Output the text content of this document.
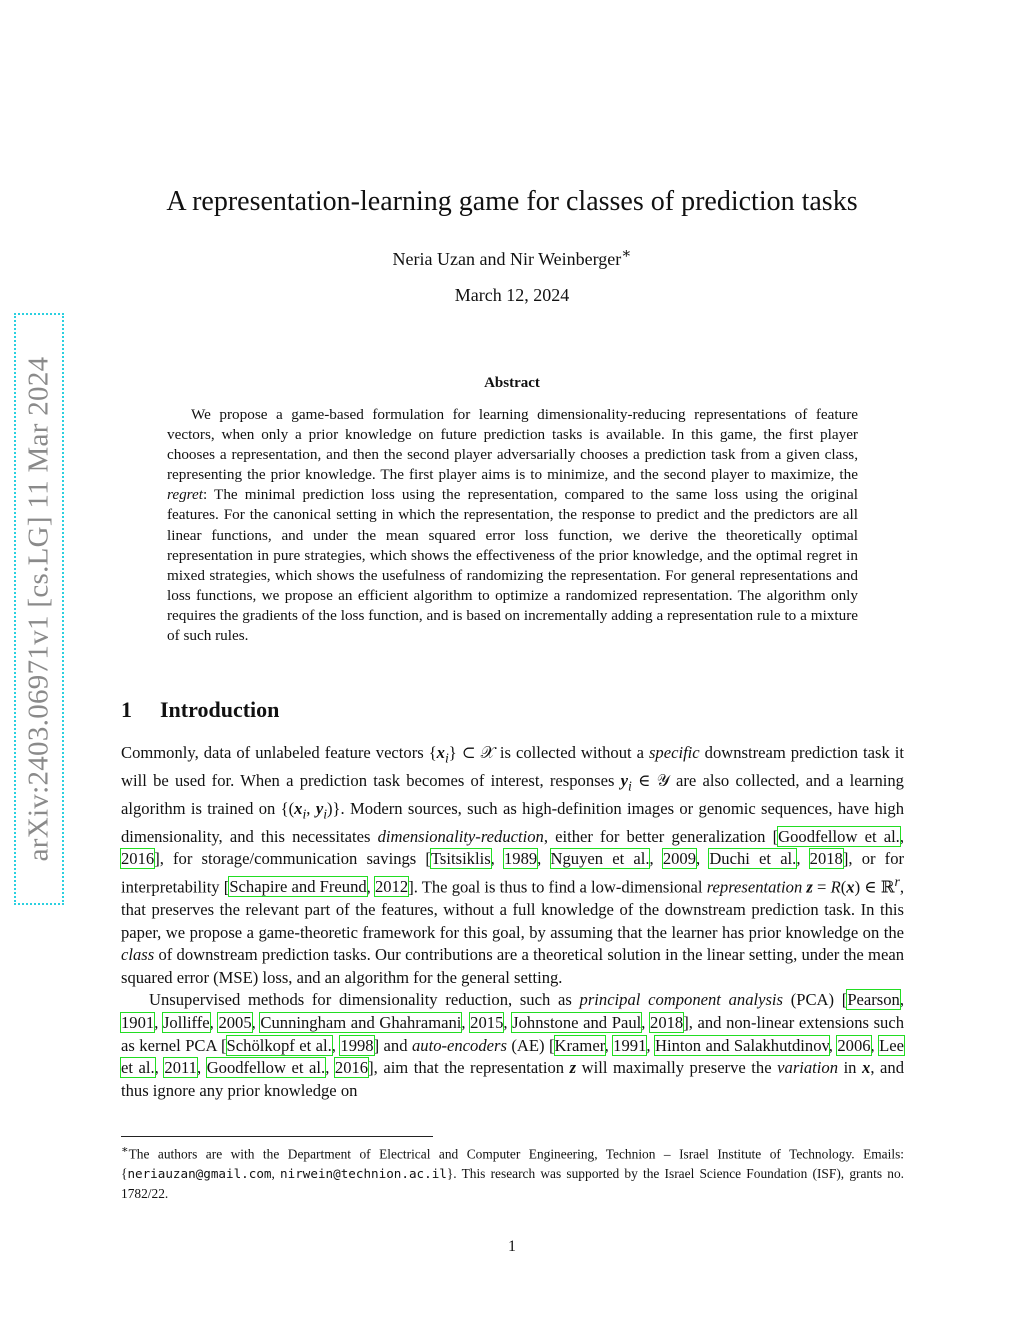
arXiv:2403.06971v1 [cs.LG] 11 Mar 2024
A representation-learning game for classes of prediction tasks
Neria Uzan and Nir Weinberger∗
March 12, 2024
Abstract
We propose a game-based formulation for learning dimensionality-reducing representations of feature vectors, when only a prior knowledge on future prediction tasks is available. In this game, the first player chooses a representation, and then the second player adversarially chooses a prediction task from a given class, representing the prior knowledge. The first player aims is to minimize, and the second player to maximize, the regret: The minimal prediction loss using the representation, compared to the same loss using the original features. For the canonical setting in which the representation, the response to predict and the predictors are all linear functions, and under the mean squared error loss function, we derive the theoretically optimal representation in pure strategies, which shows the effectiveness of the prior knowledge, and the optimal regret in mixed strategies, which shows the usefulness of randomizing the representation. For general representations and loss functions, we propose an efficient algorithm to optimize a randomized representation. The algorithm only requires the gradients of the loss function, and is based on incrementally adding a representation rule to a mixture of such rules.
1 Introduction

Commonly, data of unlabeled feature vectors $\{x_i\}$ ⊂ 𝒳 is collected without a specific downstream prediction task it will be used for. When a prediction task becomes of interest, responses $y_i$ ∈ 𝒴 are also collected, and a learning algorithm is trained on {($x_i$, $y_i$)}. Modern sources, such as high-definition images or genomic sequences, have high dimensionality, and this necessitates dimensionality-reduction, either for better generalization [Goodfellow et al., 2016], for storage/communication savings [Tsitsiklis, 1989, Nguyen et al., 2009, Duchi et al., 2018], or for interpretability [Schapire and Freund, 2012]. The goal is thus to find a low-dimensional representation z = R(x) ∈ ℝ$^r$, that preserves the relevant part of the features, without a full knowledge of the downstream prediction task. In this paper, we propose a game-theoretic framework for this goal, by assuming that the learner has prior knowledge on the class of downstream prediction tasks. Our contributions are a theoretical solution in the linear setting, under the mean squared error (MSE) loss, and an algorithm for the general setting.

Unsupervised methods for dimensionality reduction, such as principal component analysis (PCA) [Pearson, 1901, Jolliffe, 2005, Cunningham and Ghahramani, 2015, Johnstone and Paul, 2018], and non-linear extensions such as kernel PCA [Schölkopf et al., 1998] and auto-encoders (AE) [Kramer, 1991, Hinton and Salakhutdinov, 2006, Lee et al., 2011, Goodfellow et al., 2016], aim that the representation z will maximally preserve the variation in x, and thus ignore any prior knowledge on

∗The authors are with the Department of Electrical and Computer Engineering, Technion – Israel Institute of Technology. Emails: {neriauzan@gmail.com, nirwein@technion.ac.il}. This research was supported by the Israel Science Foundation (ISF), grants no. 1782/22.
1
